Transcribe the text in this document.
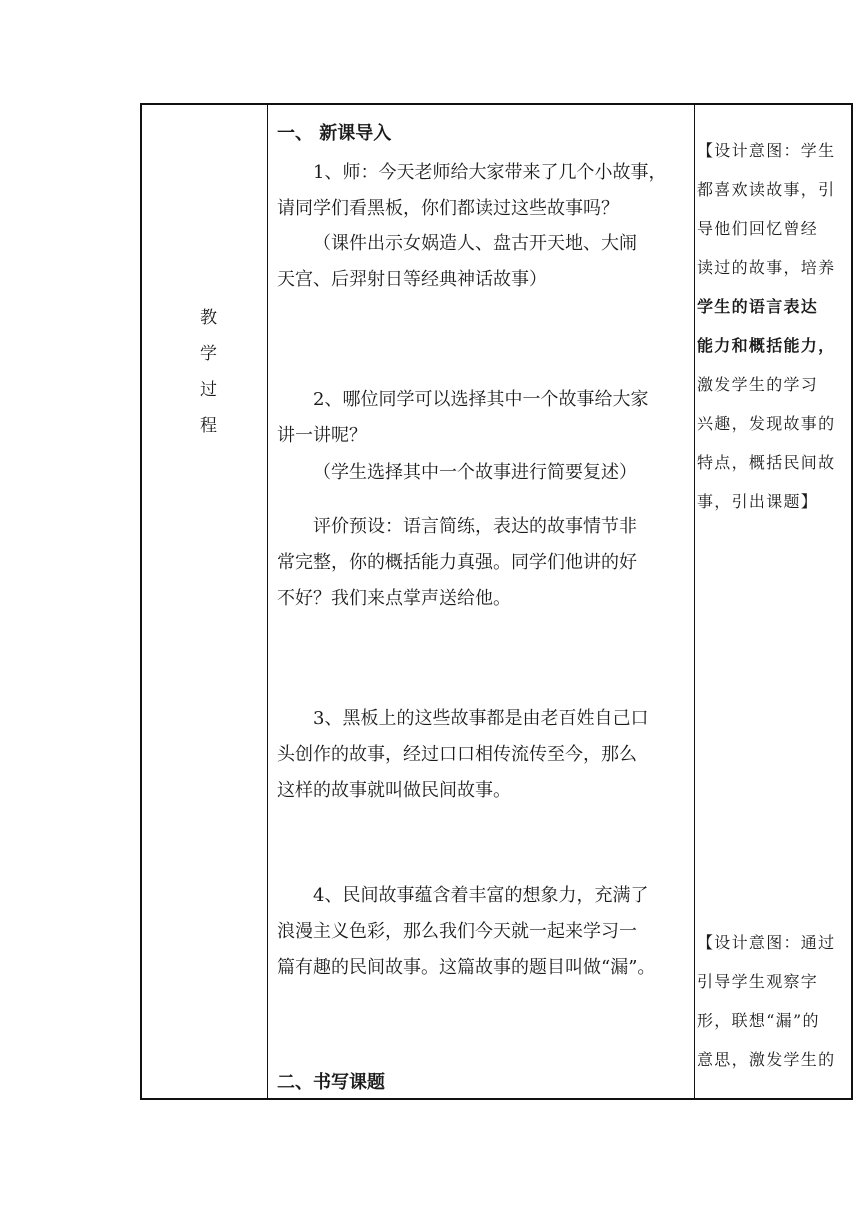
教
学
过
程
一、 新课导入
1、师：今天老师给大家带来了几个小故事，
请同学们看黑板，你们都读过这些故事吗？
（课件出示女娲造人、盘古开天地、大闹
天宫、后羿射日等经典神话故事）
2、哪位同学可以选择其中一个故事给大家
讲一讲呢？
（学生选择其中一个故事进行简要复述）
评价预设：语言简练，表达的故事情节非
常完整，你的概括能力真强。同学们他讲的好
不好？我们来点掌声送给他。
3、黑板上的这些故事都是由老百姓自己口
头创作的故事，经过口口相传流传至今，那么
这样的故事就叫做民间故事。
4、民间故事蕴含着丰富的想象力，充满了
浪漫主义色彩，那么我们今天就一起来学习一
篇有趣的民间故事。这篇故事的题目叫做“漏”。
二、书写课题
【设计意图：学生
都喜欢读故事，引
导他们回忆曾经
读过的故事，培养
学生的语言表达
能力和概括能力，
激发学生的学习
兴趣，发现故事的
特点，概括民间故
事，引出课题】
【设计意图：通过
引导学生观察字
形，联想“漏”的
意思，激发学生的
